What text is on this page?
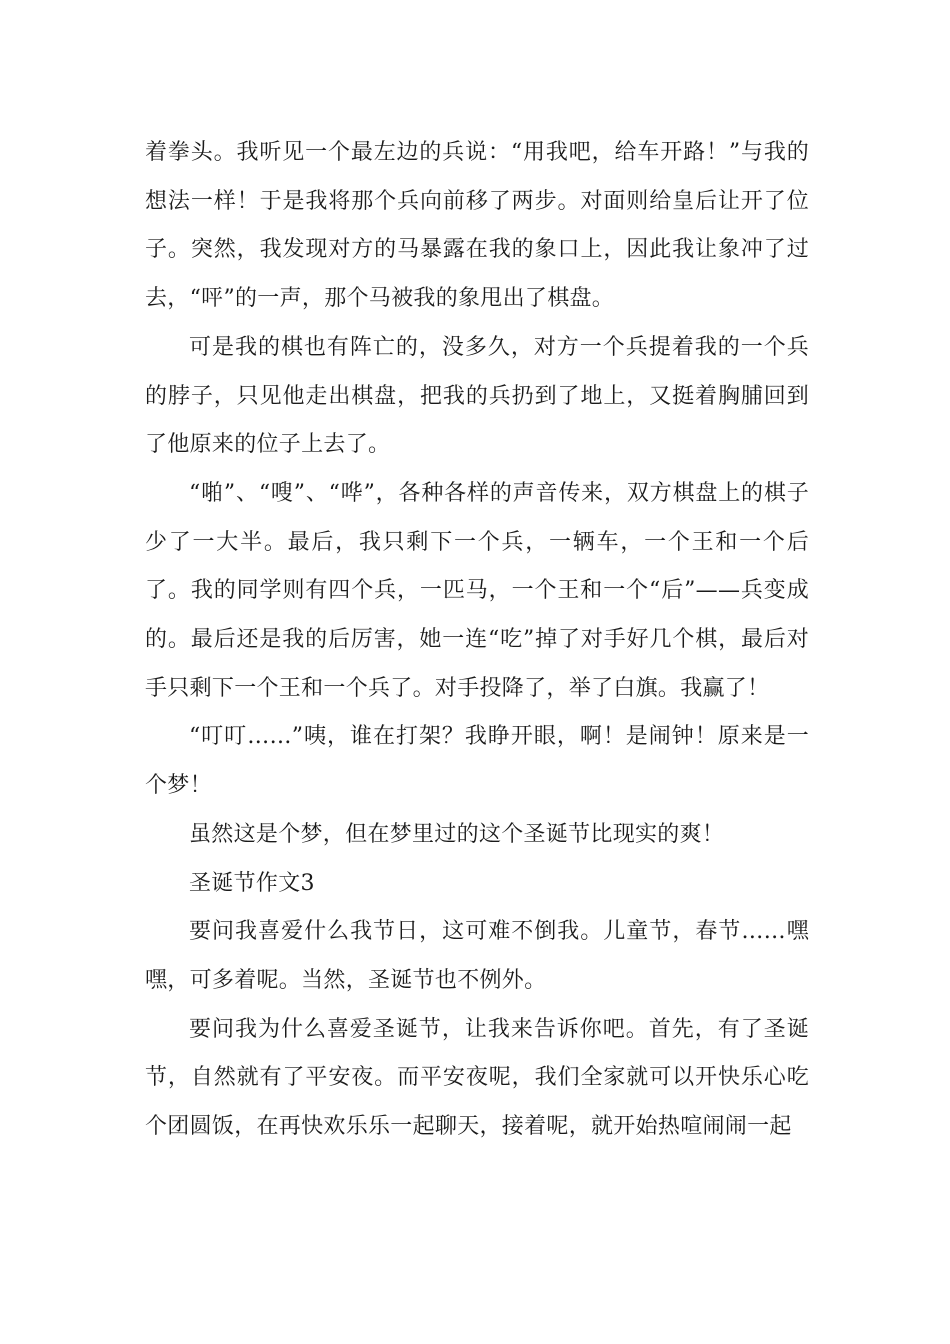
着拳头。我听见一个最左边的兵说：“用我吧，给车开路！”与我的想法一样！于是我将那个兵向前移了两步。对面则给皇后让开了位子。突然，我发现对方的马暴露在我的象口上，因此我让象冲了过去，“呯”的一声，那个马被我的象甩出了棋盘。

可是我的棋也有阵亡的，没多久，对方一个兵提着我的一个兵的脖子，只见他走出棋盘，把我的兵扔到了地上，又挺着胸脯回到了他原来的位子上去了。

“啪”、“嗖”、“哗”，各种各样的声音传来，双方棋盘上的棋子少了一大半。最后，我只剩下一个兵，一辆车，一个王和一个后了。我的同学则有四个兵，一匹马，一个王和一个“后”——兵变成的。最后还是我的后厉害，她一连“吃”掉了对手好几个棋，最后对手只剩下一个王和一个兵了。对手投降了，举了白旗。我赢了！

“叮叮……”咦，谁在打架？我睁开眼，啊！是闹钟！原来是一个梦！

虽然这是个梦，但在梦里过的这个圣诞节比现实的爽！

圣诞节作文3

要问我喜爱什么我节日，这可难不倒我。儿童节，春节……嘿嘿，可多着呢。当然，圣诞节也不例外。

要问我为什么喜爱圣诞节，让我来告诉你吧。首先，有了圣诞节，自然就有了平安夜。而平安夜呢，我们全家就可以开快乐心吃个团圆饭，在再快欢乐乐一起聊天，接着呢，就开始热喧闹闹一起
